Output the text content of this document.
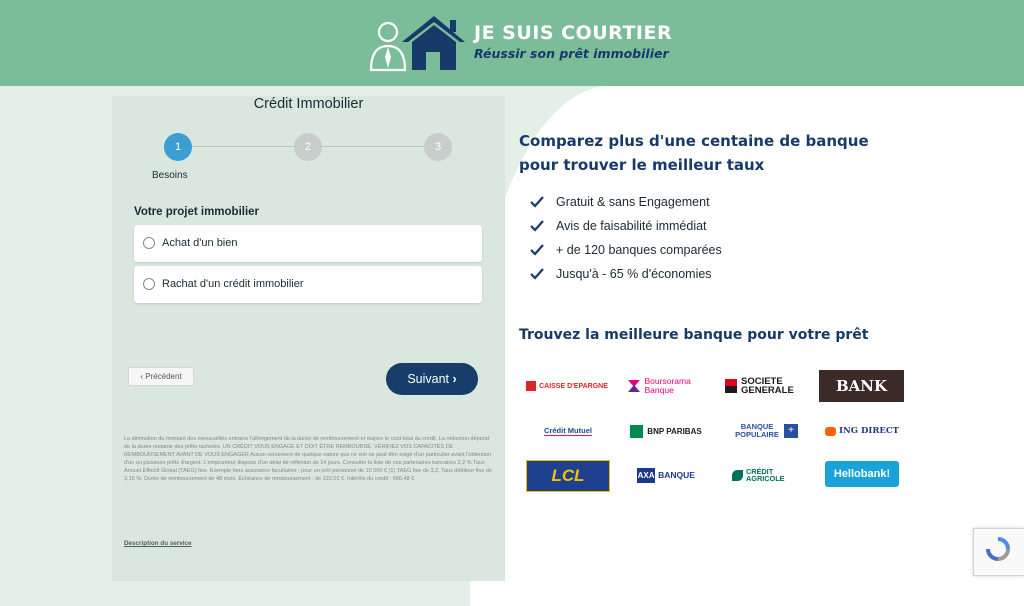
JE SUIS COURTIER
Réussir son prêt immobilier
Crédit Immobilier
1	2	3
Besoins
Votre projet immobilier
Achat d'un bien
Rachat d'un crédit immobilier
‹ Précédent	Suivant ›
La diminution du montant des mensualités entraine l'allongement de la durée de remboursement et majore le coût total du crédit. La réduction dépend de la durée restante des prêts rachetés. UN CRÉDIT VOUS ENGAGE ET DOIT ÊTRE REMBOURSÉ. VÉRIFIEZ VOS CAPACITÉS DE REMBOURSEMENT AVANT DE VOUS ENGAGER Aucun versement de quelque nature que ce soit ne peut être exigé d'un particulier avant l'obtention d'un ou plusieurs prêts d'argent. L'emprunteur dispose d'un délai de réflexion de 14 jours. Consulter la liste de nos partenaires bancaires 3,2 % Taux Annuel Effectif Global (TAEG) fixe. Exemple hors assurance facultative : pour un prêt personnel de 10 000 € (1) TAEG fixe de 3,2, Taux débiteur fixe de 3,15 %. Durée de remboursement de 48 mois. Échéance de remboursement : de 222,01 €. Intérêts du crédit : 666,48 €.
Description du service
Comparez plus d'une centaine de banque pour trouver le meilleur taux
Gratuit & sans Engagement
Avis de faisabilité immédiat
+ de 120 banques comparées
Jusqu'à - 65 % d'économies
Trouvez la meilleure banque pour votre prêt
CAISSE D'EPARGNE	Boursorama Banque
SOCIETE GENERALE	BANK
Crédit Mutuel	BNP PARIBAS	BANQUE POPULAIRE +	ING DIRECT
LCL	AXA BANQUE	CRÉDIT AGRICOLE	Hellobank!
